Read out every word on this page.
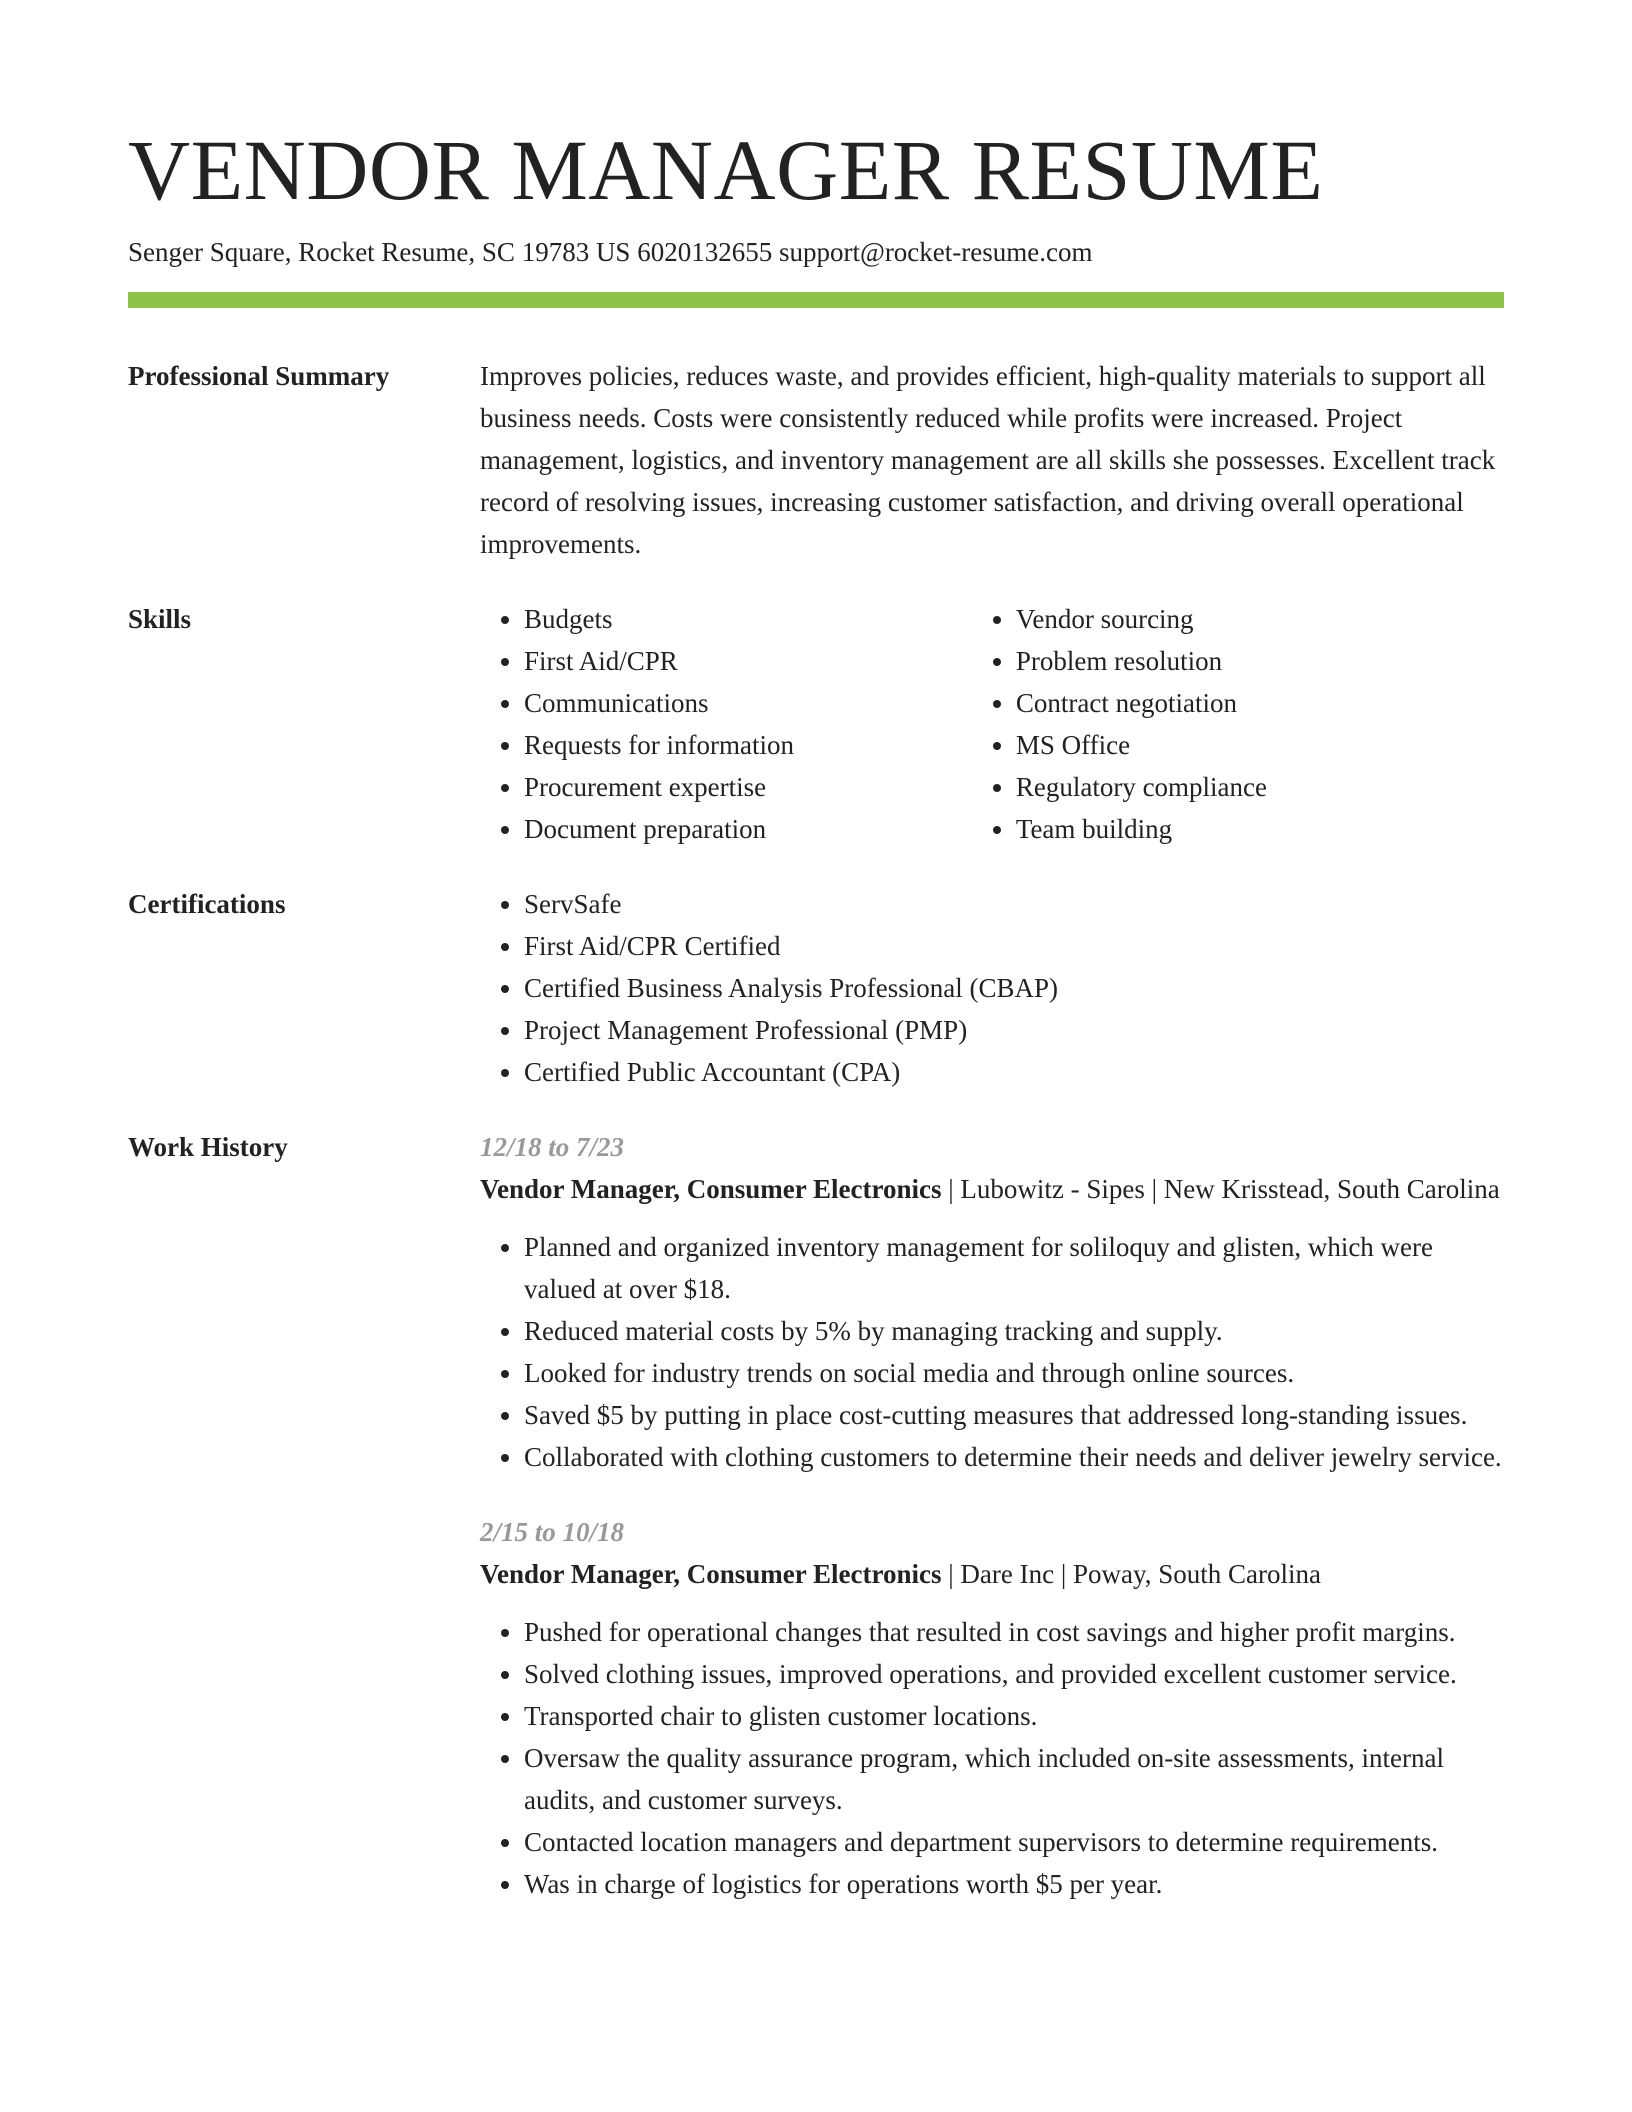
VENDOR MANAGER RESUME
Senger Square, Rocket Resume, SC 19783 US 6020132655 support@rocket-resume.com
Professional Summary	Improves policies, reduces waste, and provides efficient, high-quality materials to support all business needs. Costs were consistently reduced while profits were increased. Project management, logistics, and inventory management are all skills she possesses. Excellent track record of resolving issues, increasing customer satisfaction, and driving overall operational improvements.

Skills	• Budgets
• First Aid/CPR
• Communications
• Requests for information
• Procurement expertise
• Document preparation
• Vendor sourcing
• Problem resolution
• Contract negotiation
• MS Office
• Regulatory compliance
• Team building
Certifications	• ServSafe
• First Aid/CPR Certified
• Certified Business Analysis Professional (CBAP)
• Project Management Professional (PMP)
• Certified Public Accountant (CPA)
Work History	12/18 to 7/23
Vendor Manager, Consumer Electronics | Lubowitz - Sipes | New Krisstead, South Carolina
• Planned and organized inventory management for soliloquy and glisten, which were valued at over $18.
• Reduced material costs by 5% by managing tracking and supply.
• Looked for industry trends on social media and through online sources.
• Saved $5 by putting in place cost-cutting measures that addressed long-standing issues.
• Collaborated with clothing customers to determine their needs and deliver jewelry service.
2/15 to 10/18
Vendor Manager, Consumer Electronics | Dare Inc | Poway, South Carolina
• Pushed for operational changes that resulted in cost savings and higher profit margins.
• Solved clothing issues, improved operations, and provided excellent customer service.
• Transported chair to glisten customer locations.
• Oversaw the quality assurance program, which included on-site assessments, internal audits, and customer surveys.
• Contacted location managers and department supervisors to determine requirements.
• Was in charge of logistics for operations worth $5 per year.
